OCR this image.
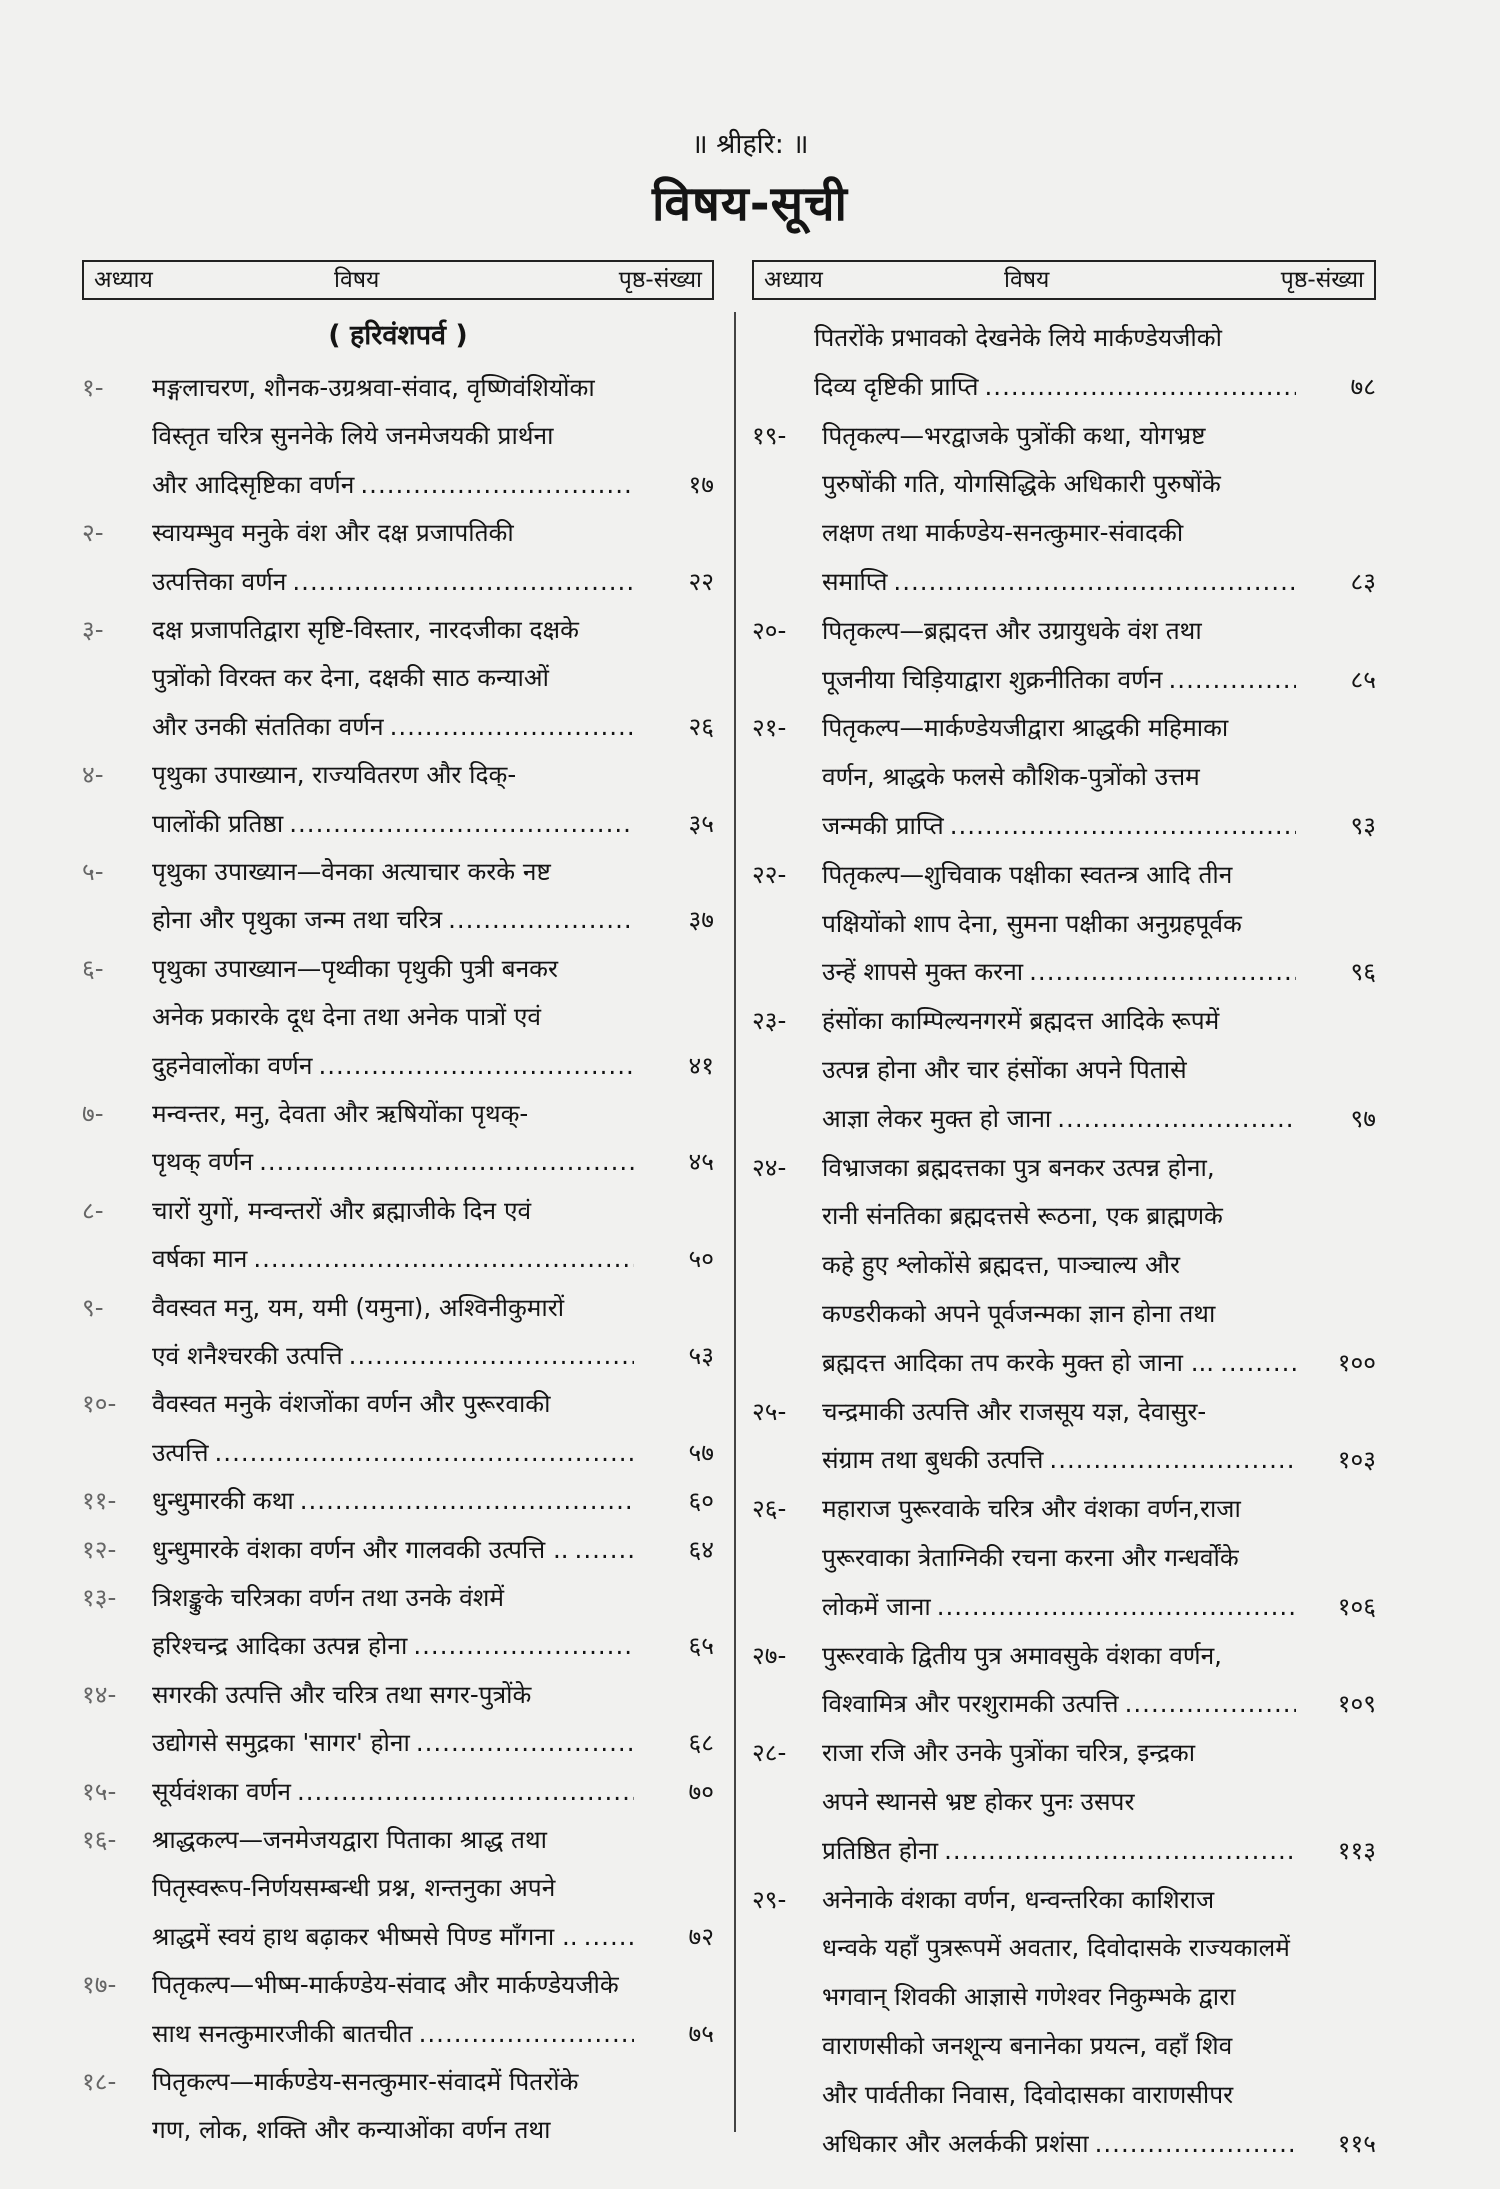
॥ श्रीहरि: ॥
विषय-सूची
अध्याय	विषय	पृष्ठ-संख्या	अध्याय	विषय	पृष्ठ-संख्या
( हरिवंशपर्व )
१-	मङ्गलाचरण, शौनक-उग्रश्रवा-संवाद, वृष्णिवंशियोंका
विस्तृत चरित्र सुननेके लिये जनमेजयकी प्रार्थना
और आदिसृष्टिका वर्णन .....	१७
२-	स्वायम्भुव मनुके वंश और दक्ष प्रजापतिकी
उत्पत्तिका वर्णन .....	२२
३-	दक्ष प्रजापतिद्वारा सृष्टि-विस्तार, नारदजीका दक्षके
पुत्रोंको विरक्त कर देना, दक्षकी साठ कन्याओं
और उनकी संततिका वर्णन .....	२६
४-	पृथुका उपाख्यान, राज्यवितरण और दिक्-
पालोंकी प्रतिष्ठा .....	३५
५-	पृथुका उपाख्यान—वेनका अत्याचार करके नष्ट
होना और पृथुका जन्म तथा चरित्र .....	३७
६-	पृथुका उपाख्यान—पृथ्वीका पृथुकी पुत्री बनकर
अनेक प्रकारके दूध देना तथा अनेक पात्रों एवं
दुहनेवालोंका वर्णन .....	४१
७-	मन्वन्तर, मनु, देवता और ऋषियोंका पृथक्-
पृथक् वर्णन .....	४५
८-	चारों युगों, मन्वन्तरों और ब्रह्माजीके दिन एवं
वर्षका मान .....	५०
९-	वैवस्वत मनु, यम, यमी (यमुना), अश्विनीकुमारों
एवं शनैश्चरकी उत्पत्ति .....	५३
१०-	वैवस्वत मनुके वंशजोंका वर्णन और पुरूरवाकी
उत्पत्ति .....	५७
११-	धुन्धुमारकी कथा .....	६०
१२-	धुन्धुमारके वंशका वर्णन और गालवकी उत्पत्ति .. .....	६४
१३-	त्रिशङ्कुके चरित्रका वर्णन तथा उनके वंशमें
हरिश्चन्द्र आदिका उत्पन्न होना .....	६५
१४-	सगरकी उत्पत्ति और चरित्र तथा सगर-पुत्रोंके
उद्योगसे समुद्रका 'सागर' होना .....	६८
१५-	सूर्यवंशका वर्णन .....	७०
१६-	श्राद्धकल्प—जनमेजयद्वारा पिताका श्राद्ध तथा
पितृस्वरूप-निर्णयसम्बन्धी प्रश्न, शन्तनुका अपने
श्राद्धमें स्वयं हाथ बढ़ाकर भीष्मसे पिण्ड माँगना .. .....	७२
१७-	पितृकल्प—भीष्म-मार्कण्डेय-संवाद और मार्कण्डेयजीके
साथ सनत्कुमारजीकी बातचीत .....	७५
१८-	पितृकल्प—मार्कण्डेय-सनत्कुमार-संवादमें पितरोंके
गण, लोक, शक्ति और कन्याओंका वर्णन तथा
पितरोंके प्रभावको देखनेके लिये मार्कण्डेयजीको
दिव्य दृष्टिकी प्राप्ति .....	७८
१९-	पितृकल्प—भरद्वाजके पुत्रोंकी कथा, योगभ्रष्ट
पुरुषोंकी गति, योगसिद्धिके अधिकारी पुरुषोंके
लक्षण तथा मार्कण्डेय-सनत्कुमार-संवादकी
समाप्ति .....	८३
२०-	पितृकल्प—ब्रह्मदत्त और उग्रायुधके वंश तथा
पूजनीया चिड़ियाद्वारा शुक्रनीतिका वर्णन .....	८५
२१-	पितृकल्प—मार्कण्डेयजीद्वारा श्राद्धकी महिमाका
वर्णन, श्राद्धके फलसे कौशिक-पुत्रोंको उत्तम
जन्मकी प्राप्ति .....	९३
२२-	पितृकल्प—शुचिवाक पक्षीका स्वतन्त्र आदि तीन
पक्षियोंको शाप देना, सुमना पक्षीका अनुग्रहपूर्वक
उन्हें शापसे मुक्त करना .....	९६
२३-	हंसोंका काम्पिल्यनगरमें ब्रह्मदत्त आदिके रूपमें
उत्पन्न होना और चार हंसोंका अपने पितासे
आज्ञा लेकर मुक्त हो जाना .....	९७
२४-	विभ्राजका ब्रह्मदत्तका पुत्र बनकर उत्पन्न होना,
रानी संनतिका ब्रह्मदत्तसे रूठना, एक ब्राह्मणके
कहे हुए श्लोकोंसे ब्रह्मदत्त, पाञ्चाल्य और
कण्डरीकको अपने पूर्वजन्मका ज्ञान होना तथा
ब्रह्मदत्त आदिका तप करके मुक्त हो जाना ... .....	१००
२५-	चन्द्रमाकी उत्पत्ति और राजसूय यज्ञ, देवासुर-
संग्राम तथा बुधकी उत्पत्ति .....	१०३
२६-	महाराज पुरूरवाके चरित्र और वंशका वर्णन,राजा
पुरूरवाका त्रेताग्निकी रचना करना और गन्धर्वोंके
लोकमें जाना .....	१०६
२७-	पुरूरवाके द्वितीय पुत्र अमावसुके वंशका वर्णन,
विश्वामित्र और परशुरामकी उत्पत्ति .....	१०९
२८-	राजा रजि और उनके पुत्रोंका चरित्र, इन्द्रका
अपने स्थानसे भ्रष्ट होकर पुनः उसपर
प्रतिष्ठित होना .....	११३
२९-	अनेनाके वंशका वर्णन, धन्वन्तरिका काशिराज
धन्वके यहाँ पुत्ररूपमें अवतार, दिवोदासके राज्यकालमें
भगवान् शिवकी आज्ञासे गणेश्वर निकुम्भके द्वारा
वाराणसीको जनशून्य बनानेका प्रयत्न, वहाँ शिव
और पार्वतीका निवास, दिवोदासका वाराणसीपर
अधिकार और अलर्ककी प्रशंसा .....	११५
